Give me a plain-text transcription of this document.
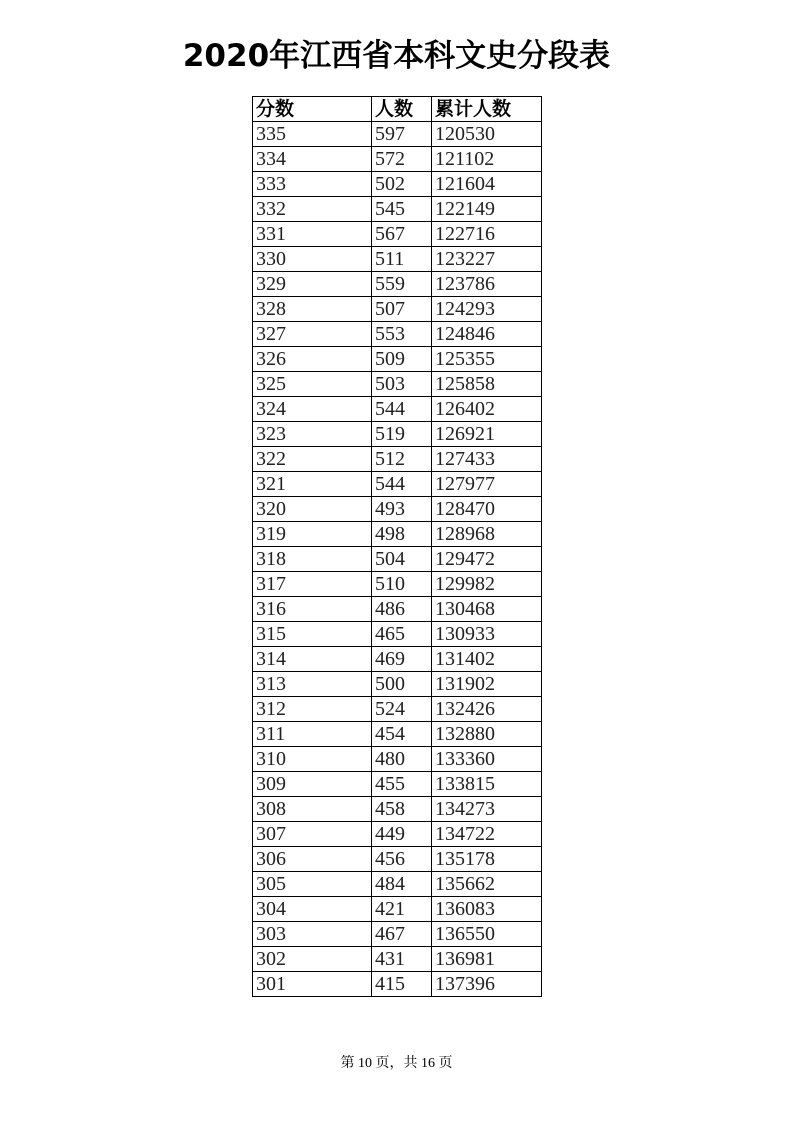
2020年江西省本科文史分段表
分数	人数	累计人数
335	597	120530
334	572	121102
333	502	121604
332	545	122149
331	567	122716
330	511	123227
329	559	123786
328	507	124293
327	553	124846
326	509	125355
325	503	125858
324	544	126402
323	519	126921
322	512	127433
321	544	127977
320	493	128470
319	498	128968
318	504	129472
317	510	129982
316	486	130468
315	465	130933
314	469	131402
313	500	131902
312	524	132426
311	454	132880
310	480	133360
309	455	133815
308	458	134273
307	449	134722
306	456	135178
305	484	135662
304	421	136083
303	467	136550
302	431	136981
301	415	137396
第 10 页，共 16 页
